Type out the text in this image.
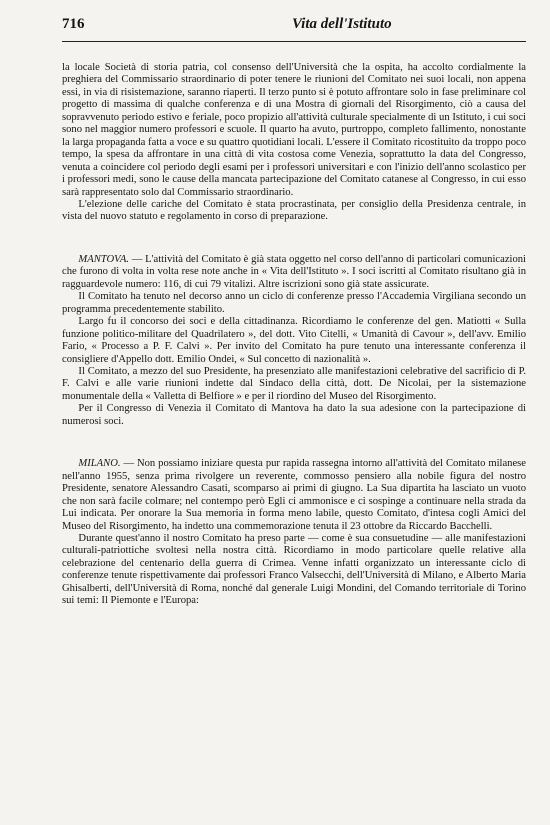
716	Vita dell'Istituto

la locale Società di storia patria, col consenso dell'Università che la ospita, ha accolto cordialmente la preghiera del Commissario straordinario di poter tenere le riunioni del Comitato nei suoi locali, non appena essi, in via di risistemazione, saranno riaperti. Il terzo punto si è potuto affrontare solo in fase preliminare col progetto di massima di qualche conferenza e di una Mostra di giornali del Risorgimento, ciò a causa del sopravvenuto periodo estivo e feriale, poco propizio all'attività culturale specialmente di un Istituto, i cui soci sono nel maggior numero professori e scuole. Il quarto ha avuto, purtroppo, completo fallimento, nonostante la larga propaganda fatta a voce e su quattro quotidiani locali. L'essere il Comitato ricostituito da troppo poco tempo, la spesa da affrontare in una città di vita costosa come Venezia, soprattutto la data del Congresso, venuta a coincidere col periodo degli esami per i professori universitari e con l'inizio dell'anno scolastico per i professori medi, sono le cause della mancata partecipazione del Comitato catanese al Congresso, in cui esso sarà rappresentato solo dal Commissario straordinario.

L'elezione delle cariche del Comitato è stata procrastinata, per consiglio della Presidenza centrale, in vista del nuovo statuto e regolamento in corso di preparazione.

MANTOVA. — L'attività del Comitato è già stata oggetto nel corso dell'anno di particolari comunicazioni che furono di volta in volta rese note anche in « Vita dell'Istituto ». I soci iscritti al Comitato risultano già in ragguardevole numero: 116, di cui 79 vitalizi. Altre iscrizioni sono già state assicurate.

Il Comitato ha tenuto nel decorso anno un ciclo di conferenze presso l'Accademia Virgiliana secondo un programma precedentemente stabilito.

Largo fu il concorso dei soci e della cittadinanza. Ricordiamo le conferenze del gen. Matiotti « Sulla funzione politico-militare del Quadrilatero », del dott. Vito Citelli, « Umanità di Cavour », dell'avv. Emilio Fario, « Processo a P. F. Calvi ». Per invito del Comitato ha pure tenuto una interessante conferenza il consigliere d'Appello dott. Emilio Ondei, « Sul concetto di nazionalità ».

Il Comitato, a mezzo del suo Presidente, ha presenziato alle manifestazioni celebrative del sacrificio di P. F. Calvi e alle varie riunioni indette dal Sindaco della città, dott. De Nicolai, per la sistemazione monumentale della « Valletta di Belfiore » e per il riordino del Museo del Risorgimento.

Per il Congresso di Venezia il Comitato di Mantova ha dato la sua adesione con la partecipazione di numerosi soci.

MILANO. — Non possiamo iniziare questa pur rapida rassegna intorno all'attività del Comitato milanese nell'anno 1955, senza prima rivolgere un reverente, commosso pensiero alla nobile figura del nostro Presidente, senatore Alessandro Casati, scomparso ai primi di giugno. La Sua dipartita ha lasciato un vuoto che non sarà facile colmare; nel contempo però Egli ci ammonisce e ci sospinge a continuare nella strada da Lui indicata. Per onorare la Sua memoria in forma meno labile, questo Comitato, d'intesa cogli Amici del Museo del Risorgimento, ha indetto una commemorazione tenuta il 23 ottobre da Riccardo Bacchelli.

Durante quest'anno il nostro Comitato ha preso parte — come è sua consuetudine — alle manifestazioni culturali-patriottiche svoltesi nella nostra città. Ricordiamo in modo particolare quelle relative alla celebrazione del centenario della guerra di Crimea. Venne infatti organizzato un interessante ciclo di conferenze tenute rispettivamente dai professori Franco Valsecchi, dell'Università di Milano, e Alberto Maria Ghisalberti, dell'Università di Roma, nonché dal generale Luigi Mondini, del Comando territoriale di Torino sui temi: Il Piemonte e l'Europa:
